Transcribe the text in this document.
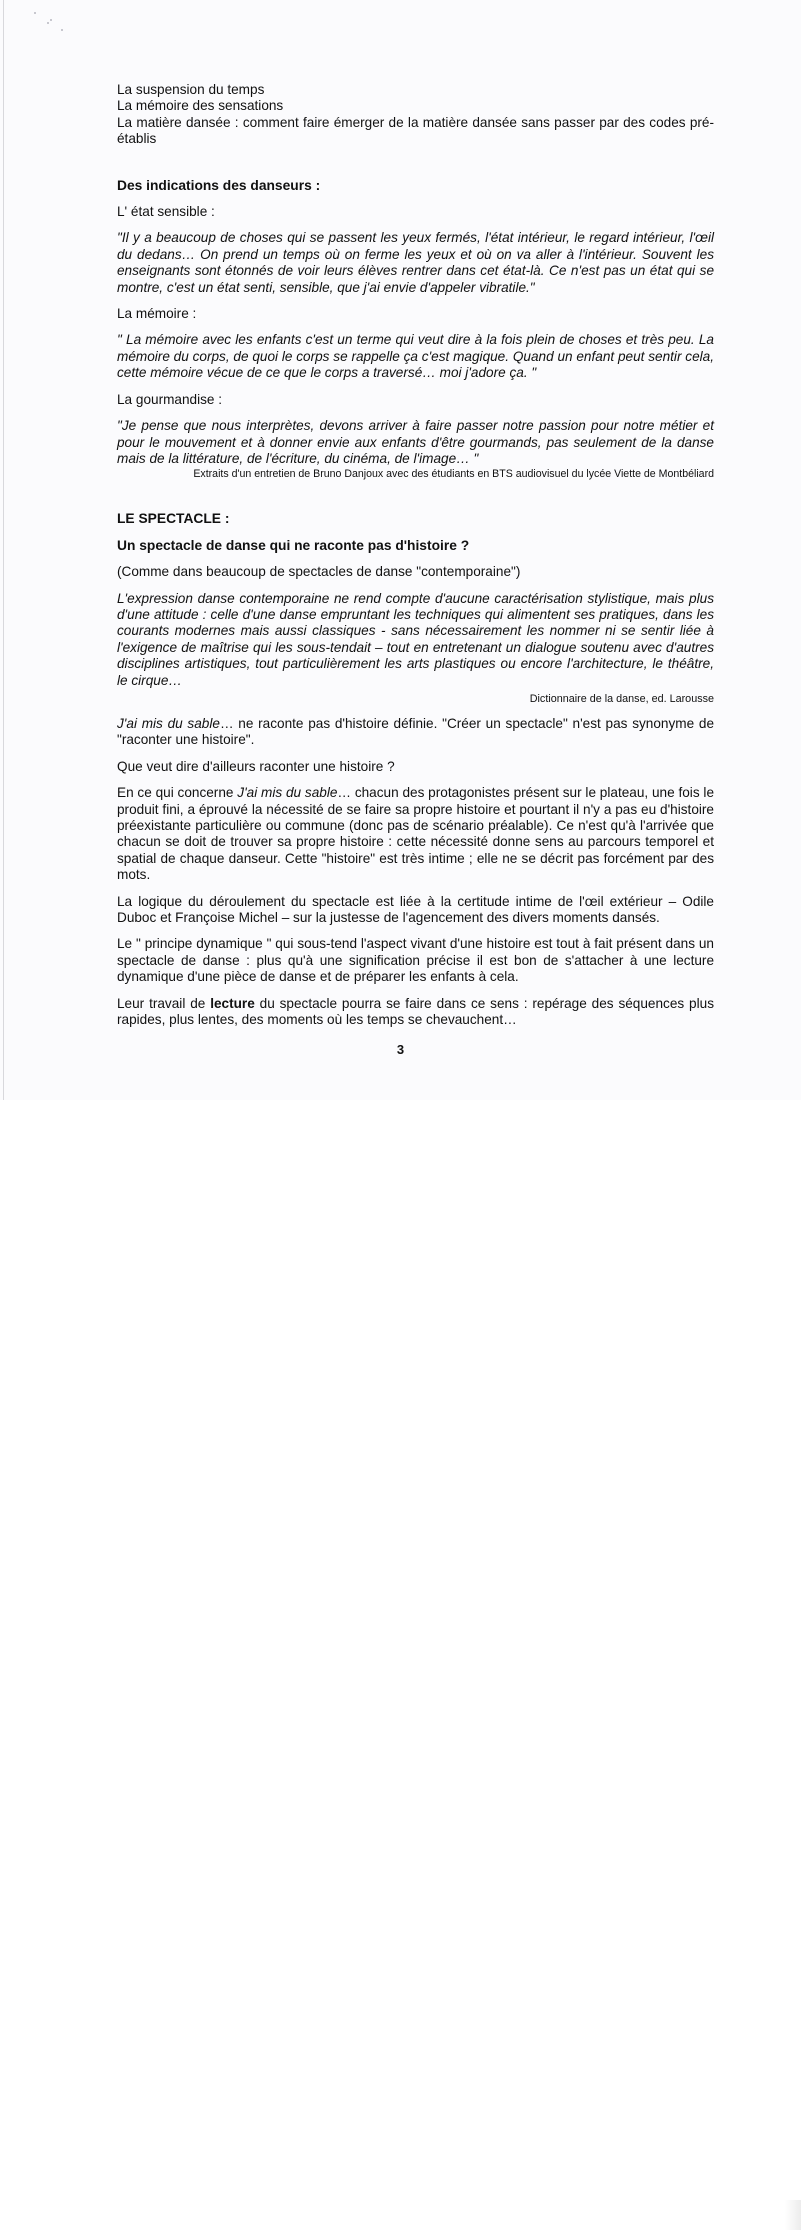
La suspension du temps

La mémoire des sensations

La matière dansée : comment faire émerger de la matière dansée sans passer par des codes pré-établis

Des indications des danseurs :

L' état sensible :

"Il y a beaucoup de choses qui se passent les yeux fermés, l'état intérieur, le regard intérieur, l'œil du dedans… On prend un temps où on ferme les yeux et où on va aller à l'intérieur. Souvent les enseignants sont étonnés de voir leurs élèves rentrer dans cet état-là. Ce n'est pas un état qui se montre, c'est un état senti, sensible, que j'ai envie d'appeler vibratile."

La mémoire :

" La mémoire avec les enfants c'est un terme qui veut dire à la fois plein de choses et très peu. La mémoire du corps, de quoi le corps se rappelle ça c'est magique. Quand un enfant peut sentir cela, cette mémoire vécue de ce que le corps a traversé… moi j'adore ça. "

La gourmandise :

"Je pense que nous interprètes, devons arriver à faire passer notre passion pour notre métier et pour le mouvement et à donner envie aux enfants d'être gourmands, pas seulement de la danse mais de la littérature, de l'écriture, du cinéma, de l'image… "

Extraits d'un entretien de Bruno Danjoux avec des étudiants en BTS audiovisuel du lycée Viette de Montbéliard

LE SPECTACLE :

Un spectacle de danse qui ne raconte pas d'histoire ?

(Comme dans beaucoup de spectacles de danse "contemporaine")

L'expression danse contemporaine ne rend compte d'aucune caractérisation stylistique, mais plus d'une attitude : celle d'une danse empruntant les techniques qui alimentent ses pratiques, dans les courants modernes mais aussi classiques - sans nécessairement les nommer ni se sentir liée à l'exigence de maîtrise qui les sous-tendait – tout en entretenant un dialogue soutenu avec d'autres disciplines artistiques, tout particulièrement les arts plastiques ou encore l'architecture, le théâtre, le cirque…

Dictionnaire de la danse, ed. Larousse

J'ai mis du sable… ne raconte pas d'histoire définie. "Créer un spectacle" n'est pas synonyme de "raconter une histoire".

Que veut dire d'ailleurs raconter une histoire ?

En ce qui concerne J'ai mis du sable… chacun des protagonistes présent sur le plateau, une fois le produit fini, a éprouvé la nécessité de se faire sa propre histoire et pourtant il n'y a pas eu d'histoire préexistante particulière ou commune (donc pas de scénario préalable). Ce n'est qu'à l'arrivée que chacun se doit de trouver sa propre histoire : cette nécessité donne sens au parcours temporel et spatial de chaque danseur. Cette "histoire" est très intime ; elle ne se décrit pas forcément par des mots.

La logique du déroulement du spectacle est liée à la certitude intime de l'œil extérieur – Odile Duboc et Françoise Michel – sur la justesse de l'agencement des divers moments dansés.

Le " principe dynamique " qui sous-tend l'aspect vivant d'une histoire est tout à fait présent dans un spectacle de danse : plus qu'à une signification précise il est bon de s'attacher à une lecture dynamique d'une pièce de danse et de préparer les enfants à cela.

Leur travail de lecture du spectacle pourra se faire dans ce sens : repérage des séquences plus rapides, plus lentes, des moments où les temps se chevauchent…

3
